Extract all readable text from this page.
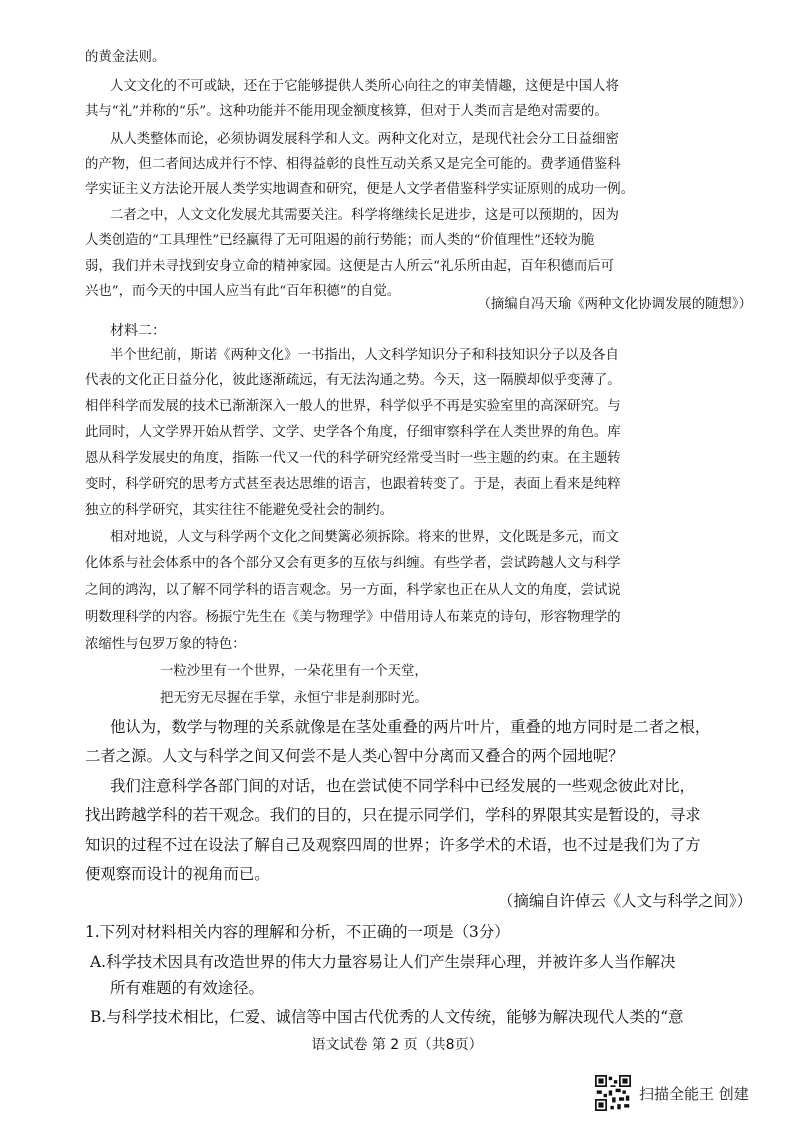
的黄金法则。
人文文化的不可或缺，还在于它能够提供人类所心向往之的审美情趣，这便是中国人将
其与“礼”并称的“乐”。这种功能并不能用现金额度核算，但对于人类而言是绝对需要的。
从人类整体而论，必须协调发展科学和人文。两种文化对立，是现代社会分工日益细密
的产物，但二者间达成并行不悖、相得益彰的良性互动关系又是完全可能的。费孝通借鉴科
学实证主义方法论开展人类学实地调查和研究，便是人文学者借鉴科学实证原则的成功一例。
二者之中，人文文化发展尤其需要关注。科学将继续长足进步，这是可以预期的，因为
人类创造的“工具理性”已经赢得了无可阻遏的前行势能；而人类的“价值理性”还较为脆
弱，我们并未寻找到安身立命的精神家园。这便是古人所云“礼乐所由起，百年积德而后可
兴也”，而今天的中国人应当有此“百年积德”的自觉。
（摘编自冯天瑜《两种文化协调发展的随想》）
材料二：
半个世纪前，斯诺《两种文化》一书指出，人文科学知识分子和科技知识分子以及各自
代表的文化正日益分化，彼此逐渐疏远，有无法沟通之势。今天，这一隔膜却似乎变薄了。
相伴科学而发展的技术已渐渐深入一般人的世界，科学似乎不再是实验室里的高深研究。与
此同时，人文学界开始从哲学、文学、史学各个角度，仔细审察科学在人类世界的角色。库
恩从科学发展史的角度，指陈一代又一代的科学研究经常受当时一些主题的约束。在主题转
变时，科学研究的思考方式甚至表达思维的语言，也跟着转变了。于是，表面上看来是纯粹
独立的科学研究，其实往往不能避免受社会的制约。
相对地说，人文与科学两个文化之间樊篱必须拆除。将来的世界，文化既是多元，而文
化体系与社会体系中的各个部分又会有更多的互依与纠缠。有些学者，尝试跨越人文与科学
之间的鸿沟，以了解不同学科的语言观念。另一方面，科学家也正在从人文的角度，尝试说
明数理科学的内容。杨振宁先生在《美与物理学》中借用诗人布莱克的诗句，形容物理学的
浓缩性与包罗万象的特色：
一粒沙里有一个世界，一朵花里有一个天堂，
把无穷无尽握在手掌，永恒宁非是刹那时光。
他认为，数学与物理的关系就像是在茎处重叠的两片叶片，重叠的地方同时是二者之根，
二者之源。人文与科学之间又何尝不是人类心智中分离而又叠合的两个园地呢？
我们注意科学各部门间的对话，也在尝试使不同学科中已经发展的一些观念彼此对比，
找出跨越学科的若干观念。我们的目的，只在提示同学们，学科的界限其实是暂设的，寻求
知识的过程不过在设法了解自己及观察四周的世界；许多学术的术语，也不过是我们为了方
便观察而设计的视角而已。
（摘编自许倬云《人文与科学之间》）
1.下列对材料相关内容的理解和分析，不正确的一项是（3分）
A.科学技术因具有改造世界的伟大力量容易让人们产生崇拜心理，并被许多人当作解决
所有难题的有效途径。
B.与科学技术相比，仁爱、诚信等中国古代优秀的人文传统，能够为解决现代人类的“意
语文试卷 第 2 页（共8页）
扫描全能王 创建
